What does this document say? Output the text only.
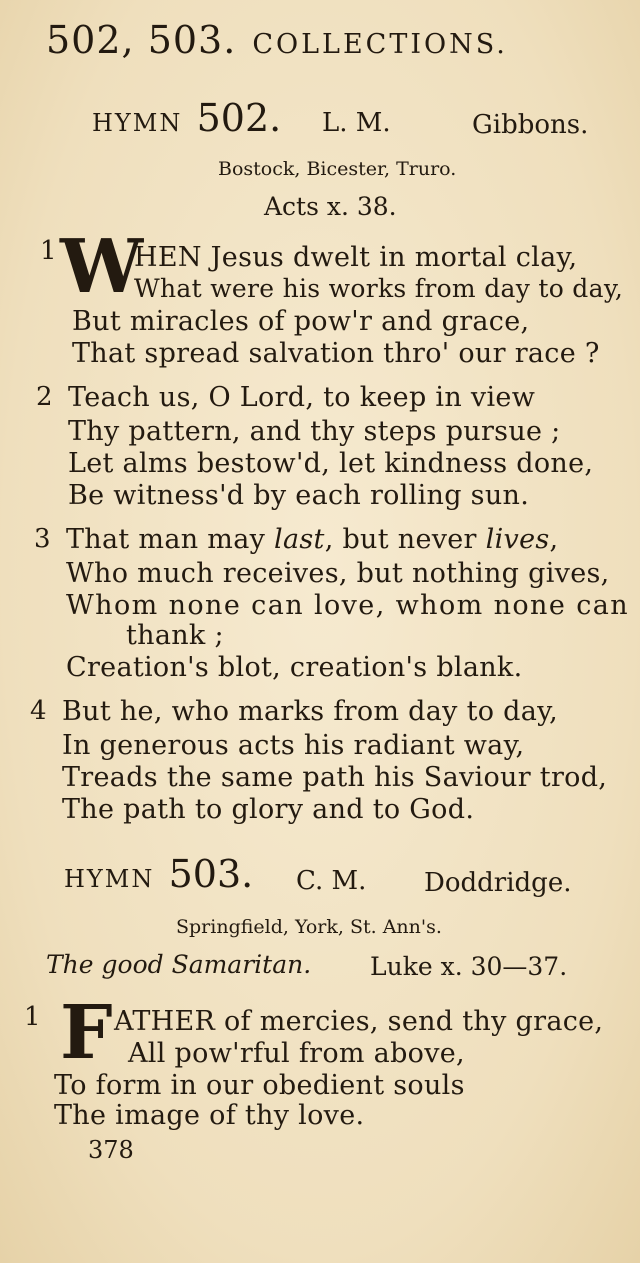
502, 503. COLLECTIONS.
HYMN 502. L. M.	Gibbons.
Bostock, Bicester, Truro.
Acts x. 38.
1 W
HEN Jesus dwelt in mortal clay,
What were his works from day to day,
But miracles of pow'r and grace,
That spread salvation thro' our race ?
2 Teach us, O Lord, to keep in view
Thy pattern, and thy steps pursue ;
Let alms bestow'd, let kindness done,
Be witness'd by each rolling sun.
3 That man may last, but never lives,
Who much receives, but nothing gives,
Whom none can love, whom none can
thank ;
Creation's blot, creation's blank.
4 But he, who marks from day to day,
In generous acts his radiant way,
Treads the same path his Saviour trod,
The path to glory and to God.
HYMN 503. C. M. Doddridge.
Springfield, York, St. Ann's.
The good Samaritan. Luke x. 30—37.
1 F ATHER of mercies, send thy grace,
All pow'rful from above,
To form in our obedient souls
The image of thy love.
378
